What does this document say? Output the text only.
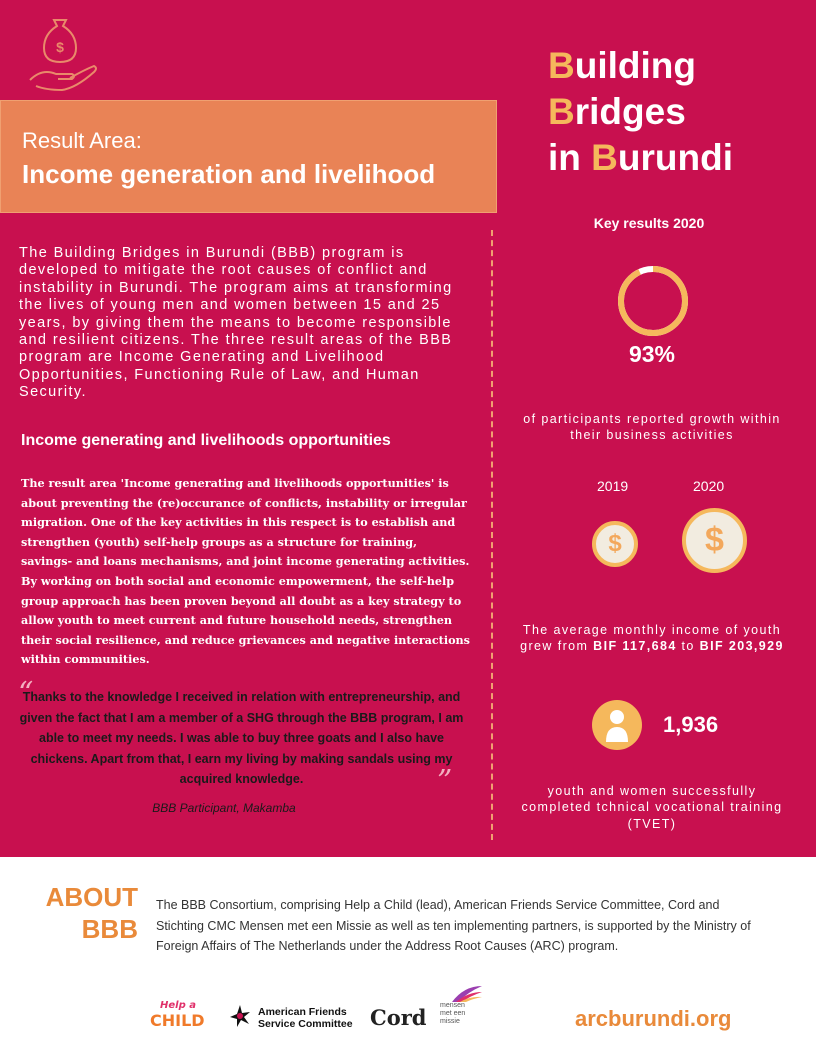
$	Building
Bridges
in Burundi
Result Area:
Income generation and livelihood
The Building Bridges in Burundi (BBB) program is developed to mitigate the root causes of conflict and instability in Burundi. The program aims at transforming the lives of young men and women between 15 and 25 years, by giving them the means to become responsible and resilient citizens. The three result areas of the BBB program are Income Generating and Livelihood Opportunities, Functioning Rule of Law, and Human Security.
Income generating and livelihoods opportunities
The result area 'Income generating and livelihoods opportunities' is about preventing the (re)occurance of conflicts, instability or irregular migration. One of the key activities in this respect is to establish and strengthen (youth) self-help groups as a structure for training, savings- and loans mechanisms, and joint income generating activities. By working on both social and economic empowerment, the self-help group approach has been proven beyond all doubt as a key strategy to allow youth to meet current and future household needs, strengthen their social resilience, and reduce grievances and negative interactions within communities.
“
Thanks to the knowledge I received in relation with entrepreneurship, and given the fact that I am a member of a SHG through the BBB program, I am able to meet my needs. I was able to buy three goats and I also have chickens. Apart from that, I earn my living by making sandals using my acquired knowledge.	”
BBB Participant, Makamba
Key results 2020
93%
of participants reported growth within their business activities
2019	2020
$	$
The average monthly income of youth grew from BIF 117,684 to BIF 203,929
1,936
youth and women successfully completed tchnical vocational training (TVET)
ABOUT
BBB
The BBB Consortium, comprising Help a Child (lead), American Friends Service Committee, Cord and Stichting CMC Mensen met een Missie as well as ten implementing partners, is supported by the Ministry of Foreign Affairs of The Netherlands under the Address Root Causes (ARC) program.
Help a
CHILD	American Friends
Service Committee Cord mensen
met een
missie	arcburundi.org
